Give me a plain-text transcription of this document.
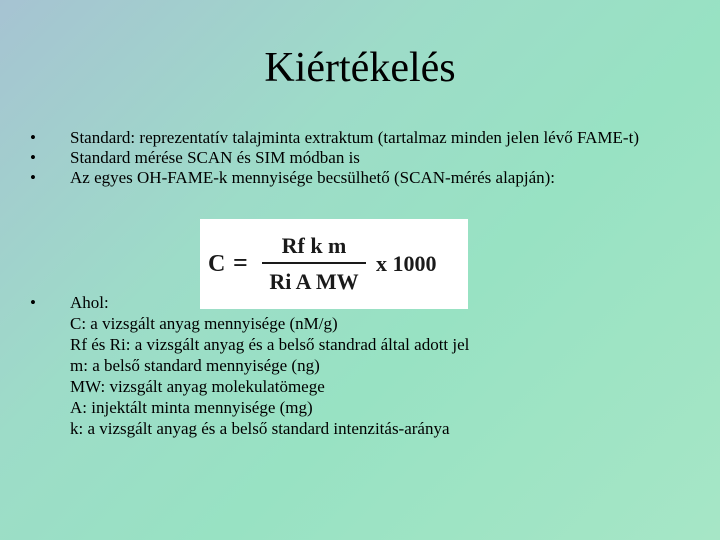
Kiértékelés
•	Standard: reprezentatív talajminta extraktum (tartalmaz minden jelen lévő FAME-t)
•	Standard mérése SCAN és SIM módban is
•	Az egyes OH-FAME-k mennyisége becsülhető (SCAN-mérés alapján):
C =
Rf k m
Ri A MW
x 1000
• Ahol:
C: a vizsgált anyag mennyisége (nM/g)
Rf és Ri: a vizsgált anyag és a belső standrad által adott jel
m: a belső standard mennyisége (ng)
MW: vizsgált anyag molekulatömege
A: injektált minta mennyisége (mg)
k: a vizsgált anyag és a belső standard intenzitás-aránya
